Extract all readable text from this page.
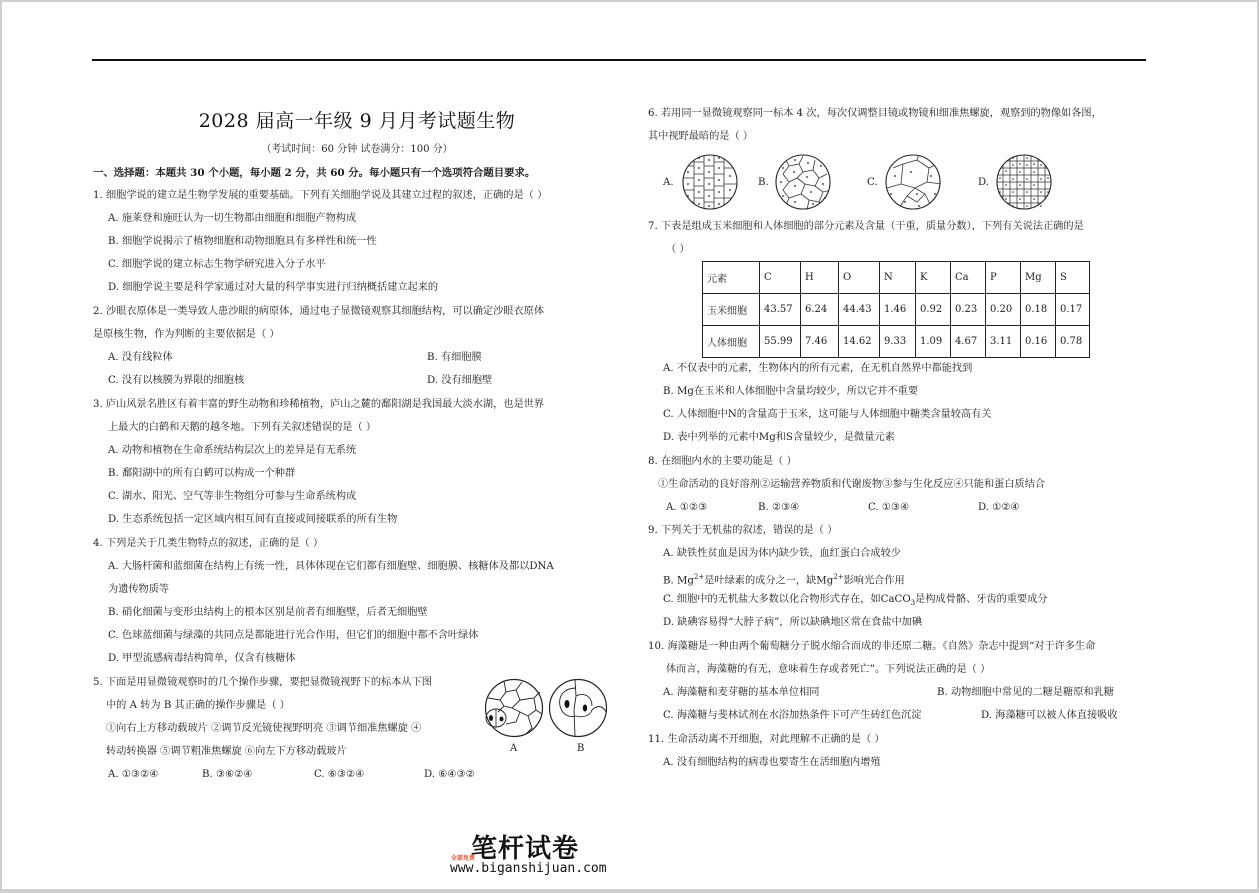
2028 届高一年级 9 月月考试题生物
（考试时间：60 分钟 试卷满分：100 分）
一、选择题：本题共 30 个小题，每小题 2 分，共 60 分。每小题只有一个选项符合题目要求。
1. 细胞学说的建立是生物学发展的重要基础。下列有关细胞学说及其建立过程的叙述，正确的是（ ）
A. 施莱登和施旺认为一切生物都由细胞和细胞产物构成
B. 细胞学说揭示了植物细胞和动物细胞具有多样性和统一性
C. 细胞学说的建立标志生物学研究进入分子水平
D. 细胞学说主要是科学家通过对大量的科学事实进行归纳概括建立起来的
2. 沙眼衣原体是一类导致人患沙眼的病原体，通过电子显微镜观察其细胞结构，可以确定沙眼衣原体
是原核生物，作为判断的主要依据是（ ）
A. 没有线粒体	B. 有细胞膜
C. 没有以核膜为界限的细胞核	D. 没有细胞壁
3. 庐山风景名胜区有着丰富的野生动物和珍稀植物，庐山之麓的鄱阳湖是我国最大淡水湖，也是世界
上最大的白鹤和天鹅的越冬地。下列有关叙述错误的是（ ）
A. 动物和植物在生命系统结构层次上的差异是有无系统
B. 鄱阳湖中的所有白鹤可以构成一个种群
C. 湖水、阳光、空气等非生物组分可参与生命系统构成
D. 生态系统包括一定区域内相互间有直接或间接联系的所有生物
4. 下列是关于几类生物特点的叙述，正确的是（ ）
A. 大肠杆菌和蓝细菌在结构上有统一性，具体体现在它们都有细胞壁、细胞膜、核糖体及都以DNA
为遗传物质等
B. 硝化细菌与变形虫结构上的根本区别是前者有细胞壁，后者无细胞壁
C. 色球蓝细菌与绿藻的共同点是都能进行光合作用，但它们的细胞中都不含叶绿体
D. 甲型流感病毒结构简单，仅含有核糖体
5. 下面是用显微镜观察时的几个操作步骤，要把显微镜视野下的标本从下图
中的 A 转为 B 其正确的操作步骤是（ ）
①向右上方移动载玻片 ②调节反光镜使视野明亮 ③调节细准焦螺旋 ④
转动转换器 ⑤调节粗准焦螺旋 ⑥向左下方移动载玻片
A. ①③②④	B. ③⑥②④	C. ⑥③②④	D. ⑥④③②
A	B
6. 若用同一显微镜观察同一标本 4 次，每次仅调整目镜或物镜和细准焦螺旋，观察到的物像如各图，
其中视野最暗的是（ ）
A.	B.	C.	D.
7. 下表是组成玉米细胞和人体细胞的部分元素及含量（干重，质量分数），下列有关说法正确的是
（ ）
元素	C	H	O	N	K	Ca	P	Mg	S
玉米细胞	43.57	6.24	44.43	1.46	0.92	0.23	0.20	0.18	0.17
人体细胞	55.99	7.46	14.62	9.33	1.09	4.67	3.11	0.16	0.78
A. 不仅表中的元素，生物体内的所有元素，在无机自然界中都能找到
B. Mg在玉米和人体细胞中含量均较少，所以它并不重要
C. 人体细胞中N的含量高于玉米，这可能与人体细胞中糖类含量较高有关
D. 表中列举的元素中Mg和S含量较少，是微量元素
8. 在细胞内水的主要功能是（ ）
①生命活动的良好溶剂②运输营养物质和代谢废物③参与生化反应④只能和蛋白质结合
A. ①②③	B. ②③④	C. ①③④	D. ①②④
9. 下列关于无机盐的叙述，错误的是（ ）
A. 缺铁性贫血是因为体内缺少铁，血红蛋白合成较少
B. $Mg^{2+}$是叶绿素的成分之一，缺$Mg^{2+}$影响光合作用
C. 细胞中的无机盐大多数以化合物形式存在，如CaCO$_3$是构成骨骼、牙齿的重要成分
D. 缺碘容易得“大脖子病”，所以缺碘地区常在食盐中加碘
10. 海藻糖是一种由两个葡萄糖分子脱水缩合而成的非还原二糖。《自然》杂志中提到“对于许多生命
体而言，海藻糖的有无，意味着生存或者死亡”。下列说法正确的是（ ）
A. 海藻糖和麦芽糖的基本单位相同	B. 动物细胞中常见的二糖是糖原和乳糖
C. 海藻糖与斐林试剂在水浴加热条件下可产生砖红色沉淀	D. 海藻糖可以被人体直接吸收
11. 生命活动离不开细胞，对此理解不正确的是（ ）
A. 没有细胞结构的病毒也要寄生在活细胞内增殖
笔杆试卷
全部免费
www.biganshijuan.com
